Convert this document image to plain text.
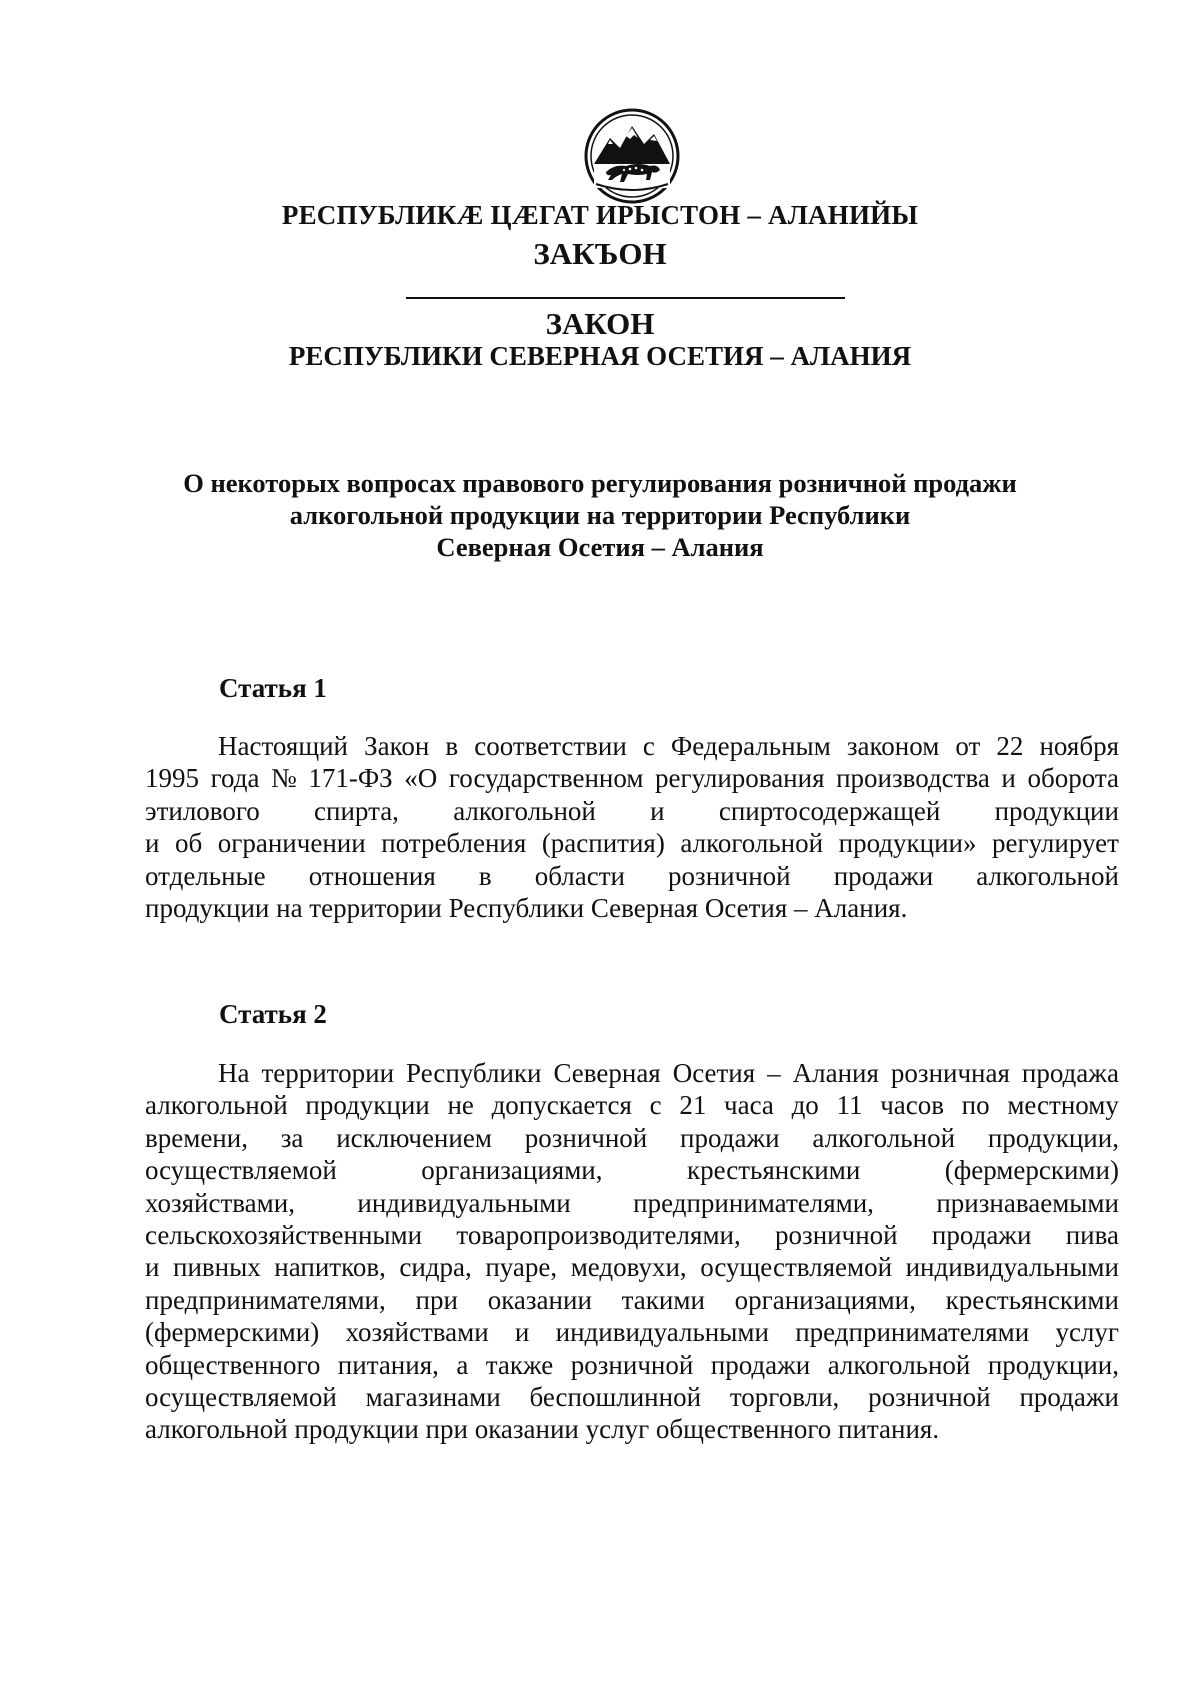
РЕСПУБЛИКӔ ЦӔГАТ ИРЫСТОН – АЛАНИЙЫ
ЗАКЪОН
ЗАКОН
РЕСПУБЛИКИ СЕВЕРНАЯ ОСЕТИЯ – АЛАНИЯ
О некоторых вопросах правового регулирования розничной продажи
алкогольной продукции на территории Республики
Северная Осетия – Алания
Статья 1
Настоящий Закон в соответствии с Федеральным законом от 22 ноября
1995 года № 171-ФЗ «О государственном регулирования производства и оборота
этилового спирта, алкогольной и спиртосодержащей продукции
и об ограничении потребления (распития) алкогольной продукции» регулирует
отдельные отношения в области розничной продажи алкогольной
продукции на территории Республики Северная Осетия – Алания.
Статья 2
На территории Республики Северная Осетия – Алания розничная продажа
алкогольной продукции не допускается с 21 часа до 11 часов по местному
времени, за исключением розничной продажи алкогольной продукции,
осуществляемой	организациями,	крестьянскими	(фермерскими)
хозяйствами, индивидуальными предпринимателями, признаваемыми
сельскохозяйственными товаропроизводителями, розничной продажи пива
и пивных напитков, сидра, пуаре, медовухи, осуществляемой индивидуальными
предпринимателями, при оказании такими организациями, крестьянскими
(фермерскими) хозяйствами и индивидуальными предпринимателями услуг
общественного питания, а также розничной продажи алкогольной продукции,
осуществляемой магазинами беспошлинной торговли, розничной продажи
алкогольной продукции при оказании услуг общественного питания.
